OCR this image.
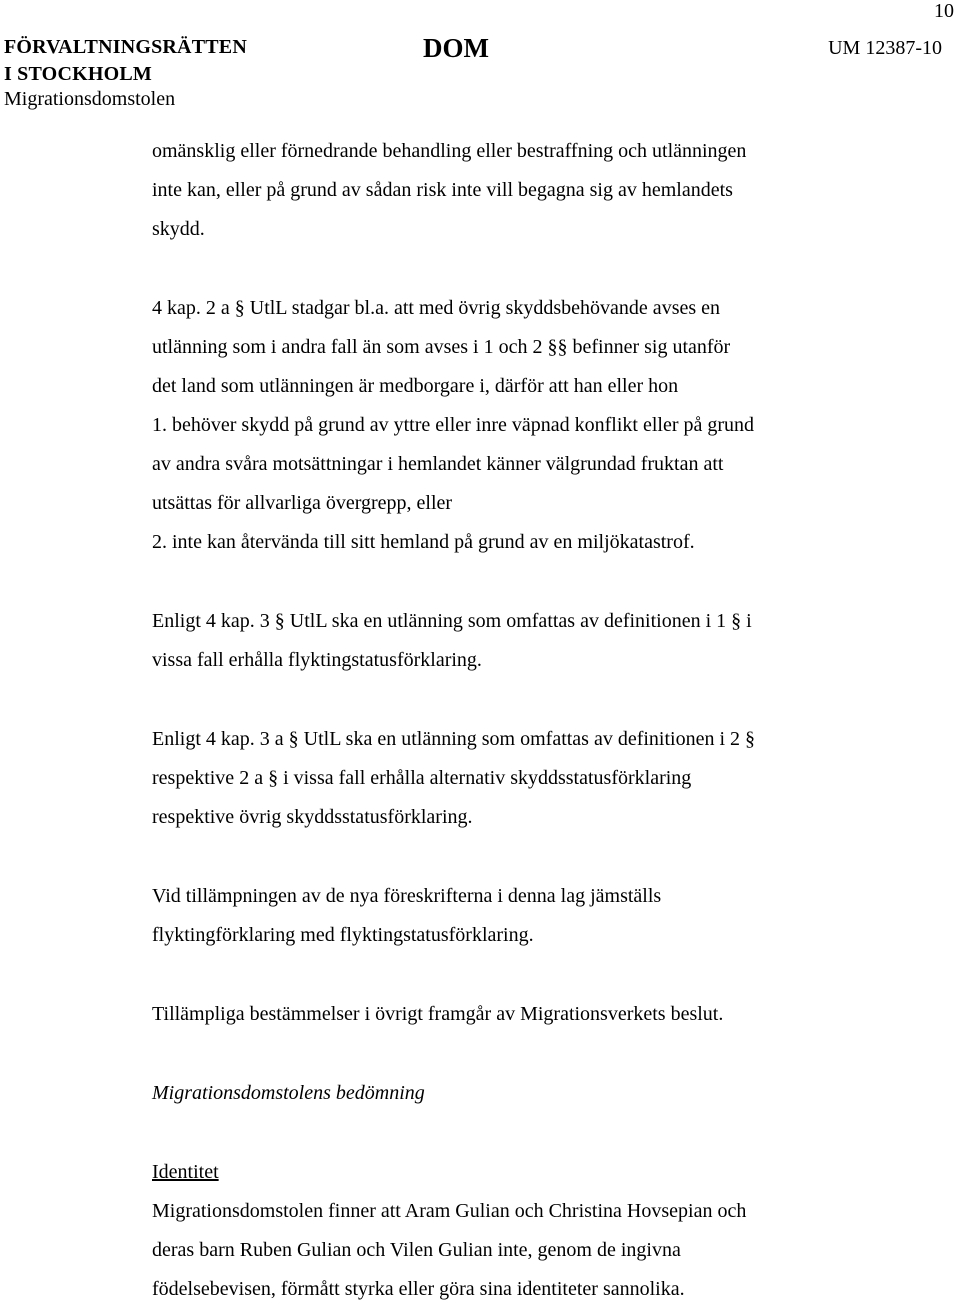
10
FÖRVALTNINGSRÄTTEN
I STOCKHOLM
Migrationsdomstolen
DOM	UM 12387-10
omänsklig eller förnedrande behandling eller bestraffning och utlänningen
inte kan, eller på grund av sådan risk inte vill begagna sig av hemlandets
skydd.
4 kap. 2 a § UtlL stadgar bl.a. att med övrig skyddsbehövande avses en
utlänning som i andra fall än som avses i 1 och 2 §§ befinner sig utanför
det land som utlänningen är medborgare i, därför att han eller hon
1. behöver skydd på grund av yttre eller inre väpnad konflikt eller på grund
av andra svåra motsättningar i hemlandet känner välgrundad fruktan att
utsättas för allvarliga övergrepp, eller
2. inte kan återvända till sitt hemland på grund av en miljökatastrof.
Enligt 4 kap. 3 § UtlL ska en utlänning som omfattas av definitionen i 1 § i
vissa fall erhålla flyktingstatusförklaring.
Enligt 4 kap. 3 a § UtlL ska en utlänning som omfattas av definitionen i 2 §
respektive 2 a § i vissa fall erhålla alternativ skyddsstatusförklaring
respektive övrig skyddsstatusförklaring.
Vid tillämpningen av de nya föreskrifterna i denna lag jämställs
flyktingförklaring med flyktingstatusförklaring.
Tillämpliga bestämmelser i övrigt framgår av Migrationsverkets beslut.
Migrationsdomstolens bedömning
Identitet
Migrationsdomstolen finner att Aram Gulian och Christina Hovsepian och
deras barn Ruben Gulian och Vilen Gulian inte, genom de ingivna
födelsebevisen, förmått styrka eller göra sina identiteter sannolika.
